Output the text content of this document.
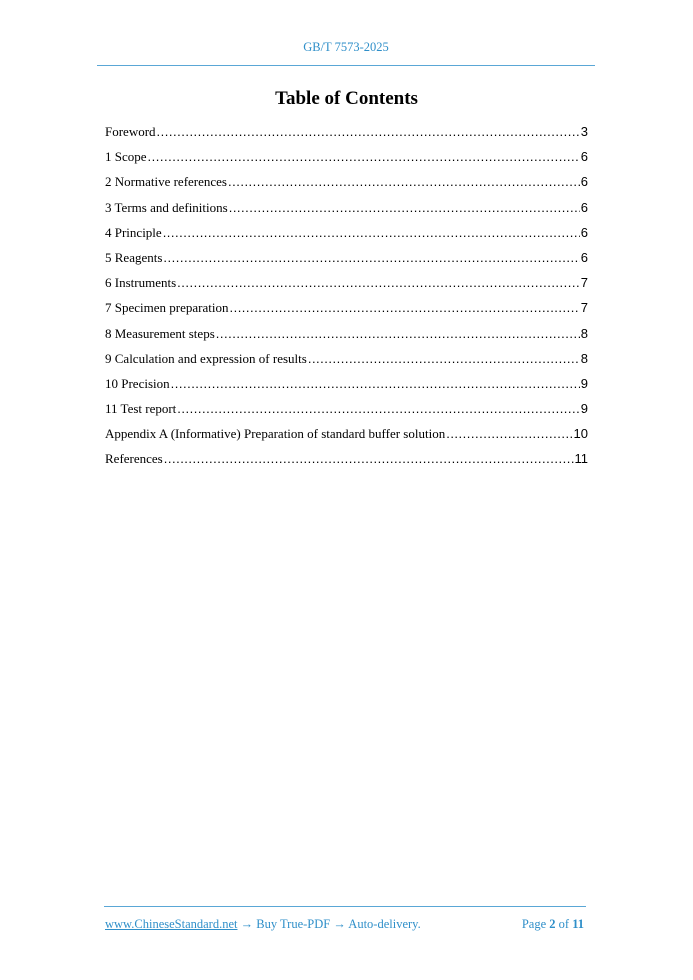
GB/T 7573-2025
Table of Contents
Foreword .....	3
1 Scope .....	6
2 Normative references .....	6
3 Terms and definitions .....	6
4 Principle .....	6
5 Reagents .....	6
6 Instruments .....	7
7 Specimen preparation .....	7
8 Measurement steps .....	8
9 Calculation and expression of results .....	8
10 Precision .....	9
11 Test report .....	9
Appendix A (Informative) Preparation of standard buffer solution .....	10
References .....	11
www.ChineseStandard.net → Buy True-PDF → Auto-delivery.	Page 2 of 11
